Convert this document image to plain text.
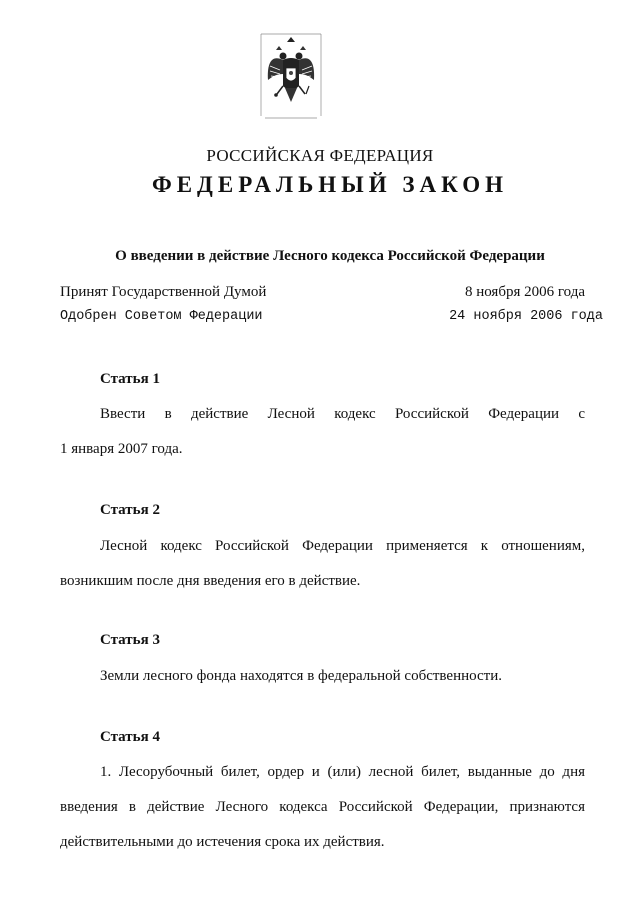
РОССИЙСКАЯ ФЕДЕРАЦИЯ
ФЕДЕРАЛЬНЫЙ ЗАКОН
О введении в действие Лесного кодекса Российской Федерации
Принят Государственной Думой	8 ноября 2006 года
Одобрен Советом Федерации	24 ноября 2006 года
Статья 1
Ввести в действие Лесной кодекс Российской Федерации с
1 января 2007 года.
Статья 2
Лесной кодекс Российской Федерации применяется к отношениям,
возникшим после дня введения его в действие.
Статья 3
Земли лесного фонда находятся в федеральной собственности.
Статья 4
1. Лесорубочный билет, ордер и (или) лесной билет, выданные до дня
введения в действие Лесного кодекса Российской Федерации, признаются
действительными до истечения срока их действия.
